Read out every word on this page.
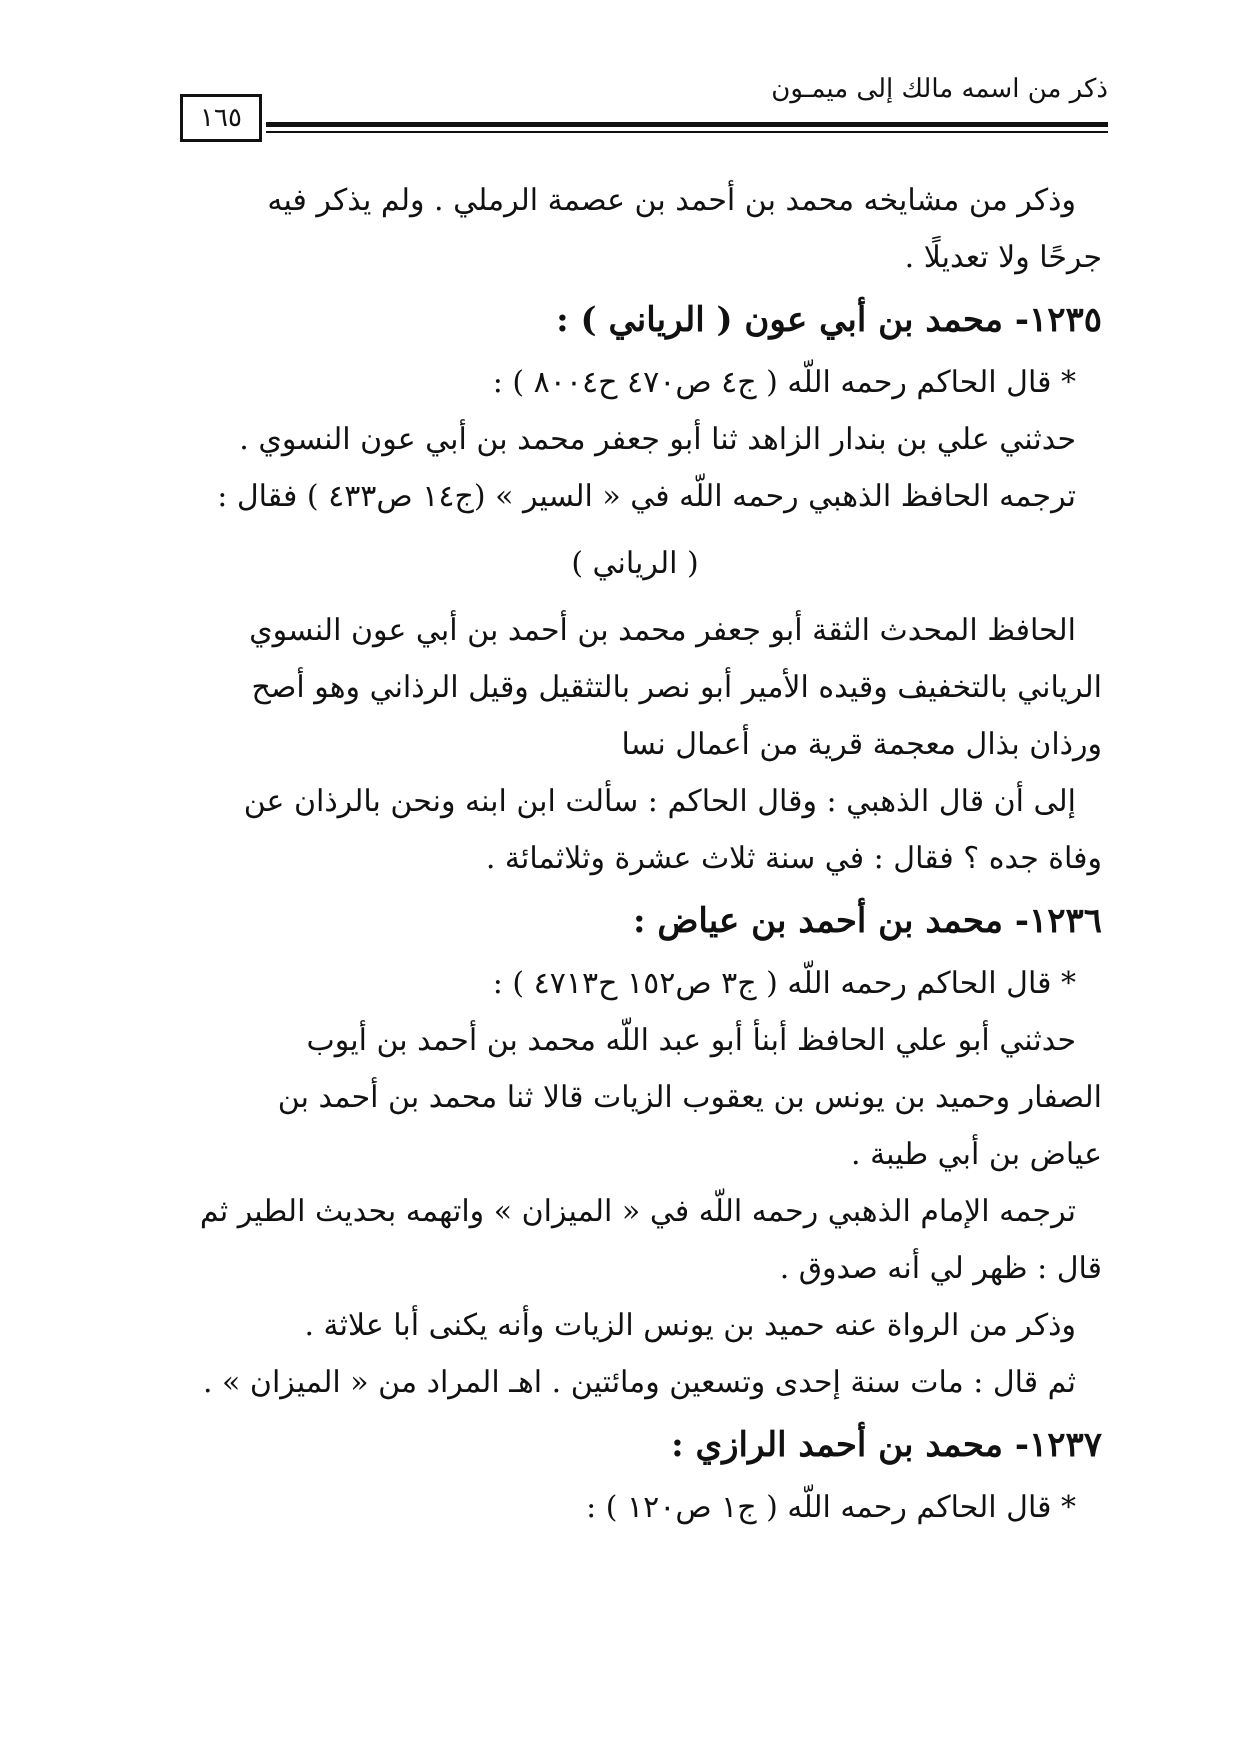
١٦٥
ذكر من اسمه مالك إلى ميمـون

وذكر من مشايخه محمد بن أحمد بن عصمة الرملي . ولم يذكر فيه

جرحًا ولا تعديلًا .

١٢٣٥- محمد بن أبي عون ( الرياني ) :

* قال الحاكم رحمه اللّه ( ج٤ ص٤٧٠ ح٨٠٠٤ ) :

حدثني علي بن بندار الزاهد ثنا أبو جعفر محمد بن أبي عون النسوي .

ترجمه الحافظ الذهبي رحمه اللّه في « السير » (ج١٤ ص٤٣٣ ) فقال :

( الرياني )

الحافظ المحدث الثقة أبو جعفر محمد بن أحمد بن أبي عون النسوي

الرياني بالتخفيف وقيده الأمير أبو نصر بالتثقيل وقيل الرذاني وهو أصح

ورذان بذال معجمة قرية من أعمال نسا

إلى أن قال الذهبي : وقال الحاكم : سألت ابن ابنه ونحن بالرذان عن

وفاة جده ؟ فقال : في سنة ثلاث عشرة وثلاثمائة .

١٢٣٦- محمد بن أحمد بن عياض :

* قال الحاكم رحمه اللّه ( ج٣ ص١٥٢ ح٤٧١٣ ) :

حدثني أبو علي الحافظ أبنأ أبو عبد اللّه محمد بن أحمد بن أيوب

الصفار وحميد بن يونس بن يعقوب الزيات قالا ثنا محمد بن أحمد بن

عياض بن أبي طيبة .

ترجمه الإمام الذهبي رحمه اللّه في « الميزان » واتهمه بحديث الطير ثم

قال : ظهر لي أنه صدوق .

وذكر من الرواة عنه حميد بن يونس الزيات وأنه يكنى أبا علاثة .

ثم قال : مات سنة إحدى وتسعين ومائتين . اهـ المراد من « الميزان » .

١٢٣٧- محمد بن أحمد الرازي :

* قال الحاكم رحمه اللّه ( ج١ ص١٢٠ ) :
